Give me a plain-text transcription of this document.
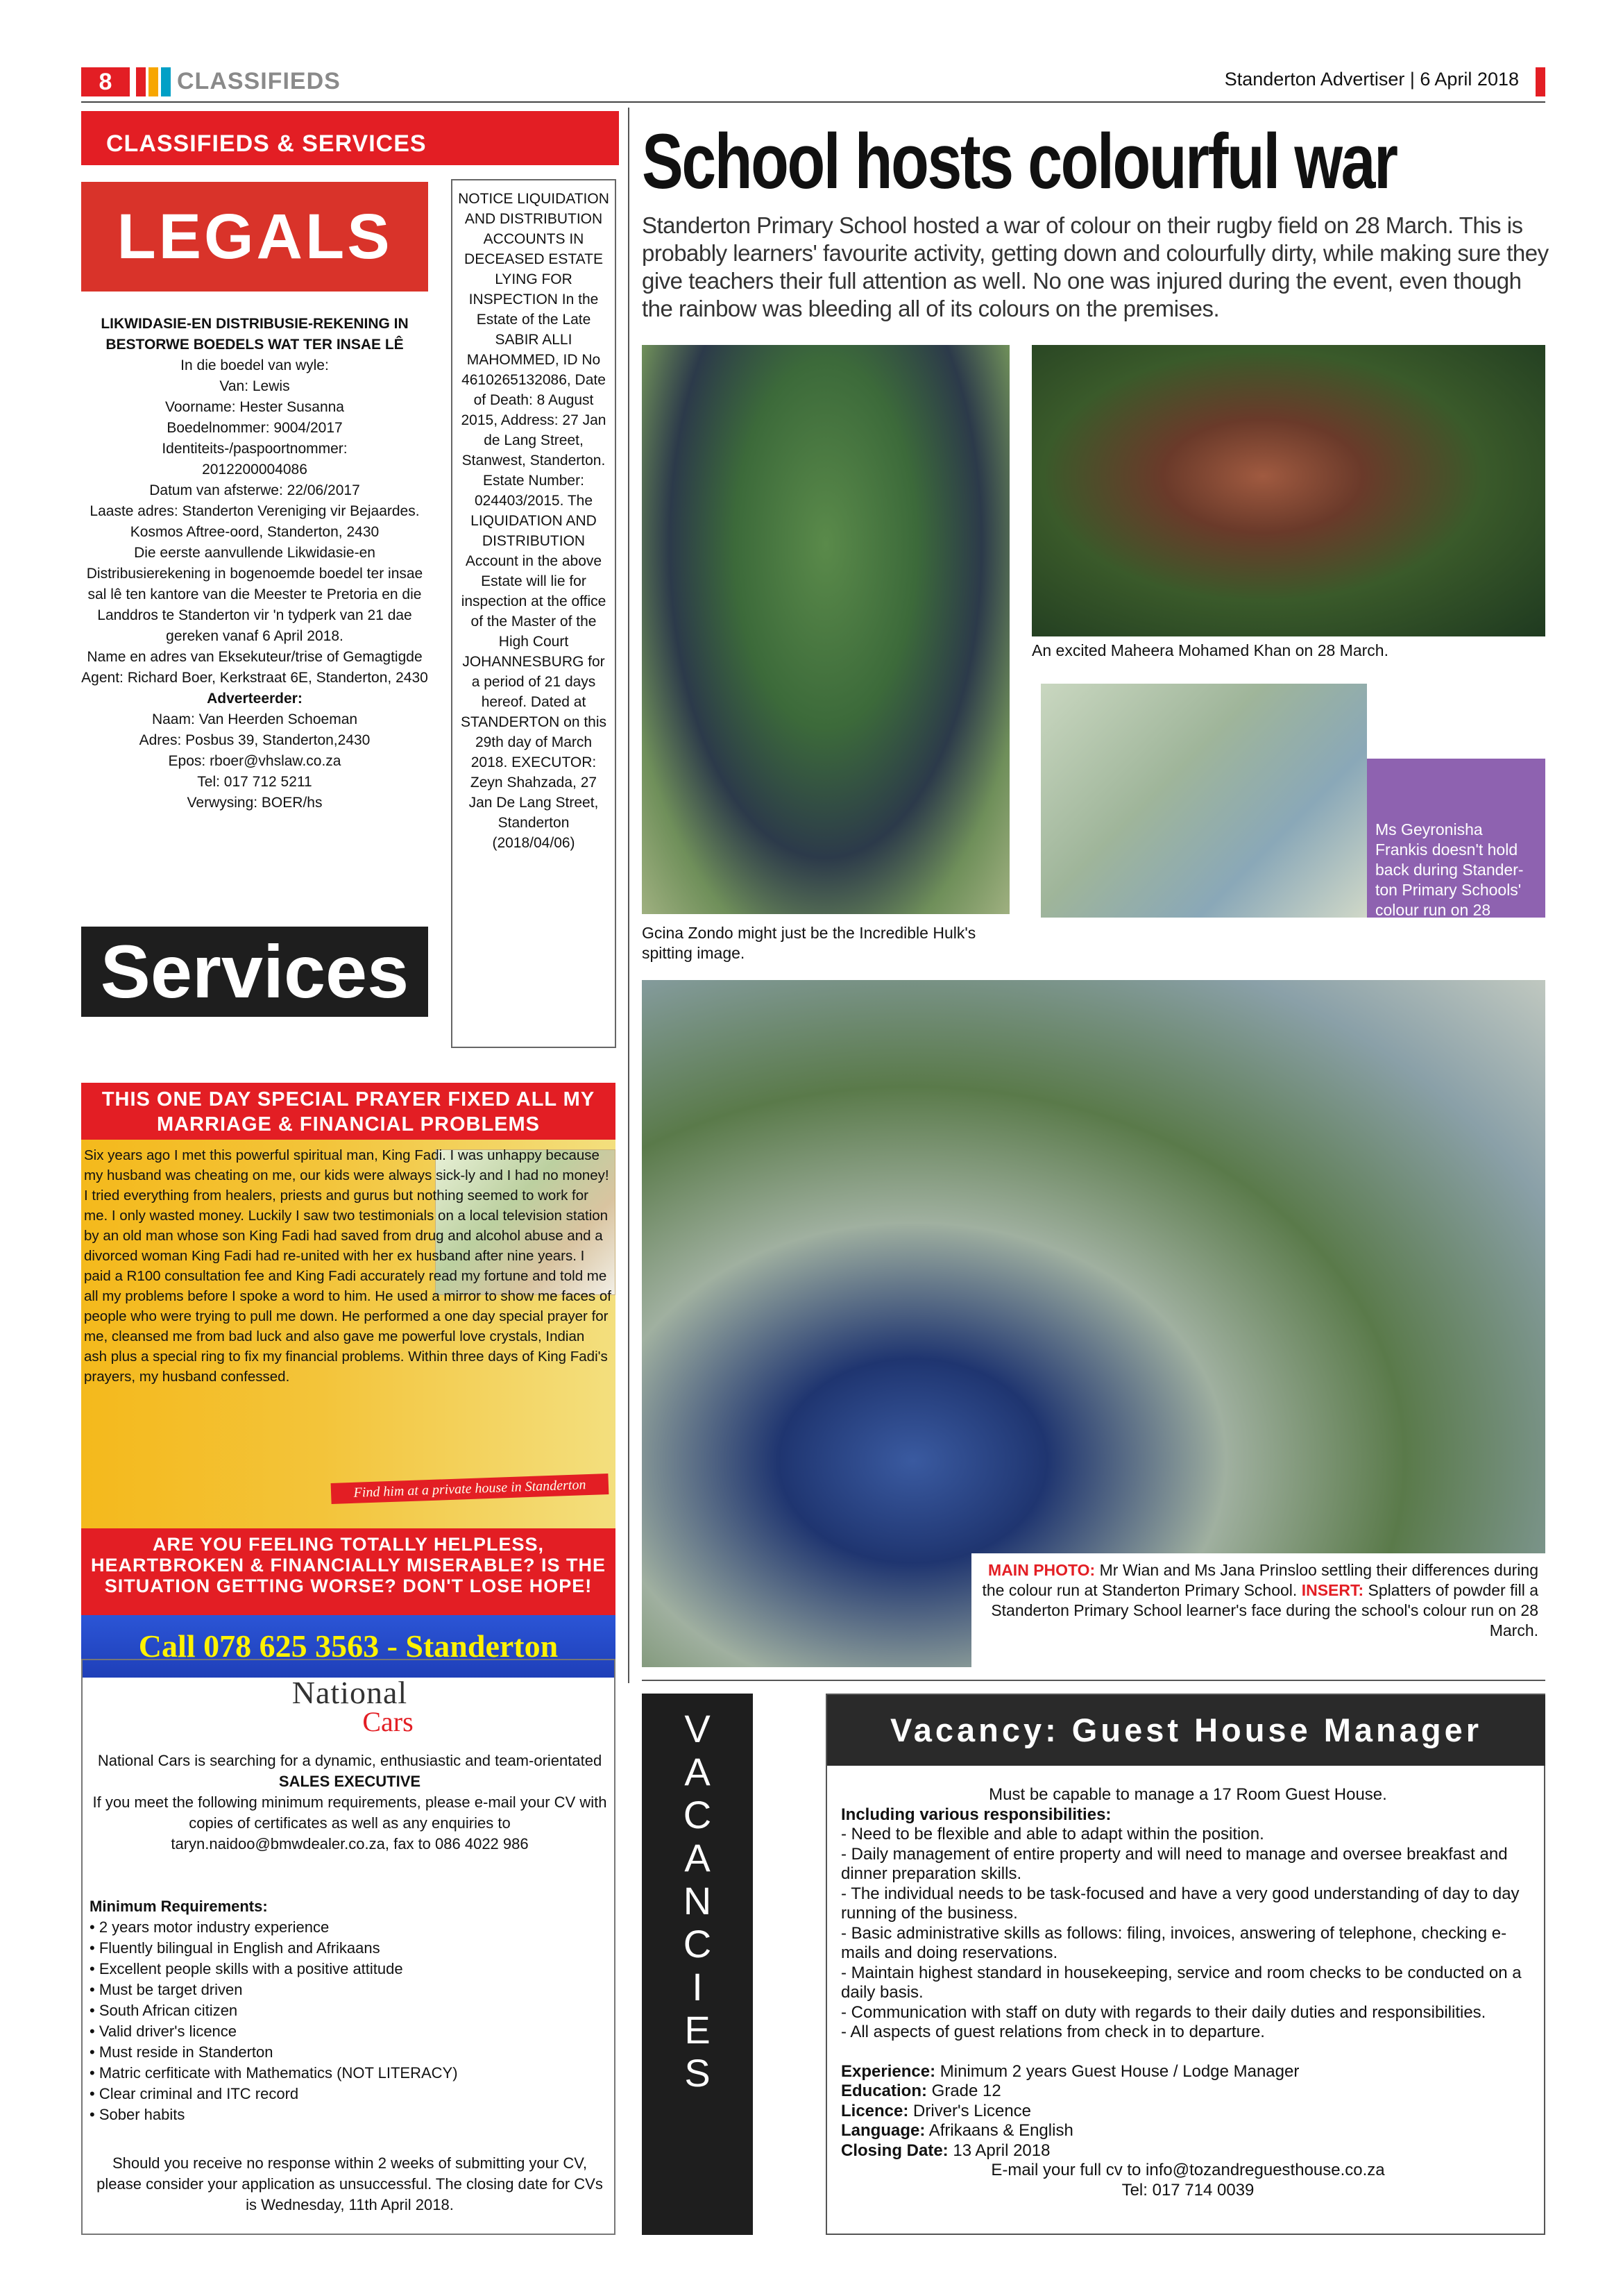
8	CLASSIFIEDS	Standerton Advertiser | 6 April 2018
CLASSIFIEDS & SERVICES
LEGALS
LIKWIDASIE-EN DISTRIBUSIE-REKENING IN BESTORWE BOEDELS WAT TER INSAE LÊ
In die boedel van wyle:
Van: Lewis
Voorname: Hester Susanna
Boedelnommer: 9004/2017
Identiteits-/paspoortnommer:
2012200004086
Datum van afsterwe: 22/06/2017
Laaste adres: Standerton Vereniging vir Bejaardes. Kosmos Aftree-oord, Standerton, 2430
Die eerste aanvullende Likwidasie-en Distribusierekening in bogenoemde boedel ter insae sal lê ten kantore van die Meester te Pretoria en die Landdros te Standerton vir 'n tydperk van 21 dae gereken vanaf 6 April 2018.
Name en adres van Eksekuteur/trise of Gemagtigde Agent: Richard Boer, Kerkstraat 6E, Standerton, 2430
Adverteerder:
Naam: Van Heerden Schoeman
Adres: Posbus 39, Standerton,2430
Epos: rboer@vhslaw.co.za
Tel: 017 712 5211
Verwysing: BOER/hs
Services
NOTICE LIQUIDATION AND DISTRIBUTION ACCOUNTS IN DECEASED ESTATE LYING FOR INSPECTION In the Estate of the Late SABIR ALLI MAHOMMED, ID No 4610265132086, Date of Death: 8 August 2015, Address: 27 Jan de Lang Street, Stanwest, Standerton. Estate Number: 024403/2015. The LIQUIDATION AND DISTRIBUTION Account in the above Estate will lie for inspection at the office of the Master of the High Court JOHANNESBURG for a period of 21 days hereof. Dated at STANDERTON on this 29th day of March 2018. EXECUTOR: Zeyn Shahzada, 27 Jan De Lang Street, Standerton (2018/04/06)
THIS ONE DAY SPECIAL PRAYER FIXED ALL MY MARRIAGE & FINANCIAL PROBLEMS
Six years ago I met this powerful spiritual man, King Fadi. I was unhappy because my husband was cheating on me, our kids were always sick-ly and I had no money! I tried everything from healers, priests and gurus but nothing seemed to work for me. I only wasted money. Luckily I saw two testimonials on a local television station by an old man whose son King Fadi had saved from drug and alcohol abuse and a divorced woman King Fadi had re-united with her ex husband after nine years. I paid a R100 consultation fee and King Fadi accurately read my fortune and told me all my problems before I spoke a word to him. He used a mirror to show me faces of people who were trying to pull me down. He performed a one day special prayer for me, cleansed me from bad luck and also gave me powerful love crystals, Indian ash plus a special ring to fix my financial problems. Within three days of King Fadi's prayers, my husband confessed.
Find him at a private house in Standerton
ARE YOU FEELING TOTALLY HELPLESS, HEARTBROKEN & FINANCIALLY MISERABLE? IS THE SITUATION GETTING WORSE? DON'T LOSE HOPE!
Call 078 625 3563 - Standerton
National
Cars
National Cars is searching for a dynamic, enthusiastic and team-orientated
SALES EXECUTIVE
If you meet the following minimum requirements, please e-mail your CV with copies of certificates as well as any enquiries to taryn.naidoo@bmwdealer.co.za, fax to 086 4022 986
Minimum Requirements:
• 2 years motor industry experience
• Fluently bilingual in English and Afrikaans
• Excellent people skills with a positive attitude
• Must be target driven
• South African citizen
• Valid driver's licence
• Must reside in Standerton
• Matric cerfiticate with Mathematics (NOT LITERACY)
• Clear criminal and ITC record
• Sober habits
Should you receive no response within 2 weeks of submitting your CV, please consider your application as unsuccessful. The closing date for CVs is Wednesday, 11th April 2018.
School hosts colourful war
Standerton Primary School hosted a war of colour on their rugby field on 28 March. This is probably learners' favourite activity, getting down and colourfully dirty, while making sure they give teachers their full attention as well. No one was injured during the event, even though the rainbow was bleeding all of its colours on the premises.
Gcina Zondo might just be the Incredible Hulk's spitting image.
An excited Maheera Mohamed Khan on 28 March.
Ms Geyronisha Frankis doesn't hold back during Stander-ton Primary Schools' colour run on 28 March.
MAIN PHOTO: Mr Wian and Ms Jana Prinsloo settling their differences during the colour run at Standerton Primary School. INSERT: Splatters of powder fill a Standerton Primary School learner's face during the school's colour run on 28 March.
V
A
C
A
N
C
I
E
S
Vacancy: Guest House Manager
Must be capable to manage a 17 Room Guest House.
Including various responsibilities:
- Need to be flexible and able to adapt within the position.
- Daily management of entire property and will need to manage and oversee breakfast and dinner preparation skills.
- The individual needs to be task-focused and have a very good understanding of day to day running of the business.
- Basic administrative skills as follows: filing, invoices, answering of telephone, checking e-mails and doing reservations.
- Maintain highest standard in housekeeping, service and room checks to be conducted on a daily basis.
- Communication with staff on duty with regards to their daily duties and responsibilities.
- All aspects of guest relations from check in to departure.
Experience: Minimum 2 years Guest House / Lodge Manager
Education: Grade 12
Licence: Driver's Licence
Language: Afrikaans & English
Closing Date: 13 April 2018
E-mail your full cv to info@tozandreguesthouse.co.za
Tel: 017 714 0039
